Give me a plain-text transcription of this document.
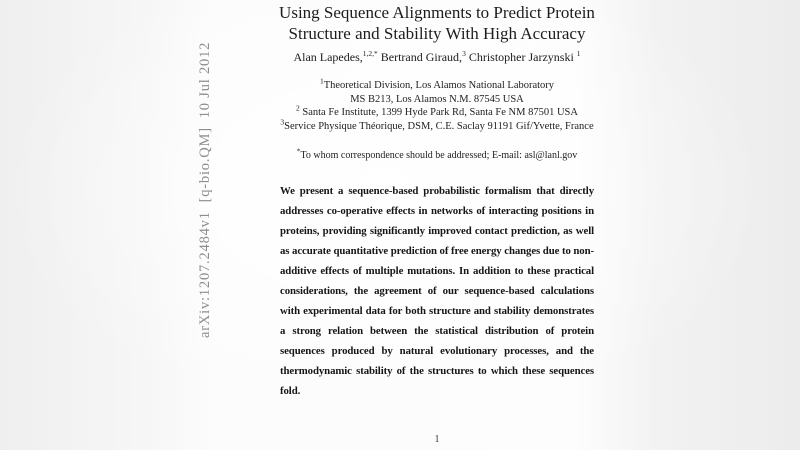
arXiv:1207.2484v1  [q-bio.QM]  10 Jul 2012
Using Sequence Alignments to Predict Protein
Structure and Stability With High Accuracy
Alan Lapedes,$^{1,2,*}$ Bertrand Giraud,$^3$ Christopher Jarzynski $^1$
$^1$Theoretical Division, Los Alamos National Laboratory
MS B213, Los Alamos N.M. 87545 USA
$^2$ Santa Fe Institute, 1399 Hyde Park Rd, Santa Fe NM 87501 USA
$^3$Service Physique Théorique, DSM, C.E. Saclay 91191 Gif/Yvette, France
*To whom correspondence should be addressed; E-mail: asl@lanl.gov
We present a sequence-based probabilistic formalism that directly addresses co-operative effects in networks of interacting positions in proteins, providing significantly improved contact prediction, as well as accurate quantitative prediction of free energy changes due to non-additive effects of multiple mutations. In addition to these practical considerations, the agreement of our sequence-based calculations with experimental data for both structure and stability demonstrates a strong relation between the statistical distribution of protein sequences produced by natural evolutionary processes, and the thermodynamic stability of the structures to which these sequences fold.
1
